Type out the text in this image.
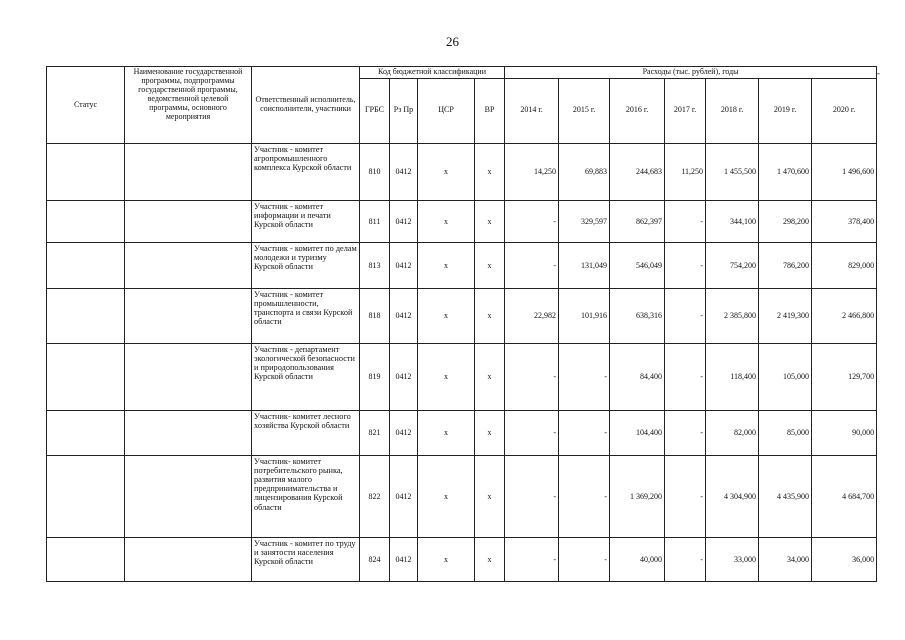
26
-
Статус	Наименование государственной программы, подпрограммы государственной программы, ведомственной целевой программы, основного мероприятия	Ответственный исполнитель, соисполнители, участники	Код бюджетной классификации				Расходы (тыс. рублей), годы						
			ГРБС	Рз Пр	ЦСР	ВР	2014 г.	2015 г.	2016 г.	2017 г.	2018 г.	2019 г.	2020 г.
		Участник - комитет агропромышленного комплекса Курской области	810	0412	x	x	14,250	69,883	244,683	11,250	1 455,500	1 470,600	1 496,600
		Участник - комитет информации и печати Курской области	811	0412	x	x	-	329,597	862,397	-	344,100	298,200	378,400
		Участник - комитет по делам молодежи и туризму Курской области	813	0412	x	x	-	131,049	546,049	-	754,200	786,200	829,000
		Участник - комитет промышленности, транспорта и связи Курской области	818	0412	x	x	22,982	101,916	638,316	-	2 385,800	2 419,300	2 466,800
		Участник - департамент экологической безопасности и природопользования Курской области	819	0412	x	x	-	-	84,400	-	118,400	105,000	129,700
		Участник- комитет лесного хозяйства Курской области	821	0412	x	x	-	-	104,400	-	82,000	85,000	90,000
		Участник- комитет потребительского рынка, развития малого предпринимательства и лицензирования Курской области	822	0412	x	x	-	-	1 369,200	-	4 304,900	4 435,900	4 684,700
		Участник - комитет по труду и занятости населения Курской области	824	0412	x	x	-	-	40,000	-	33,000	34,000	36,000
